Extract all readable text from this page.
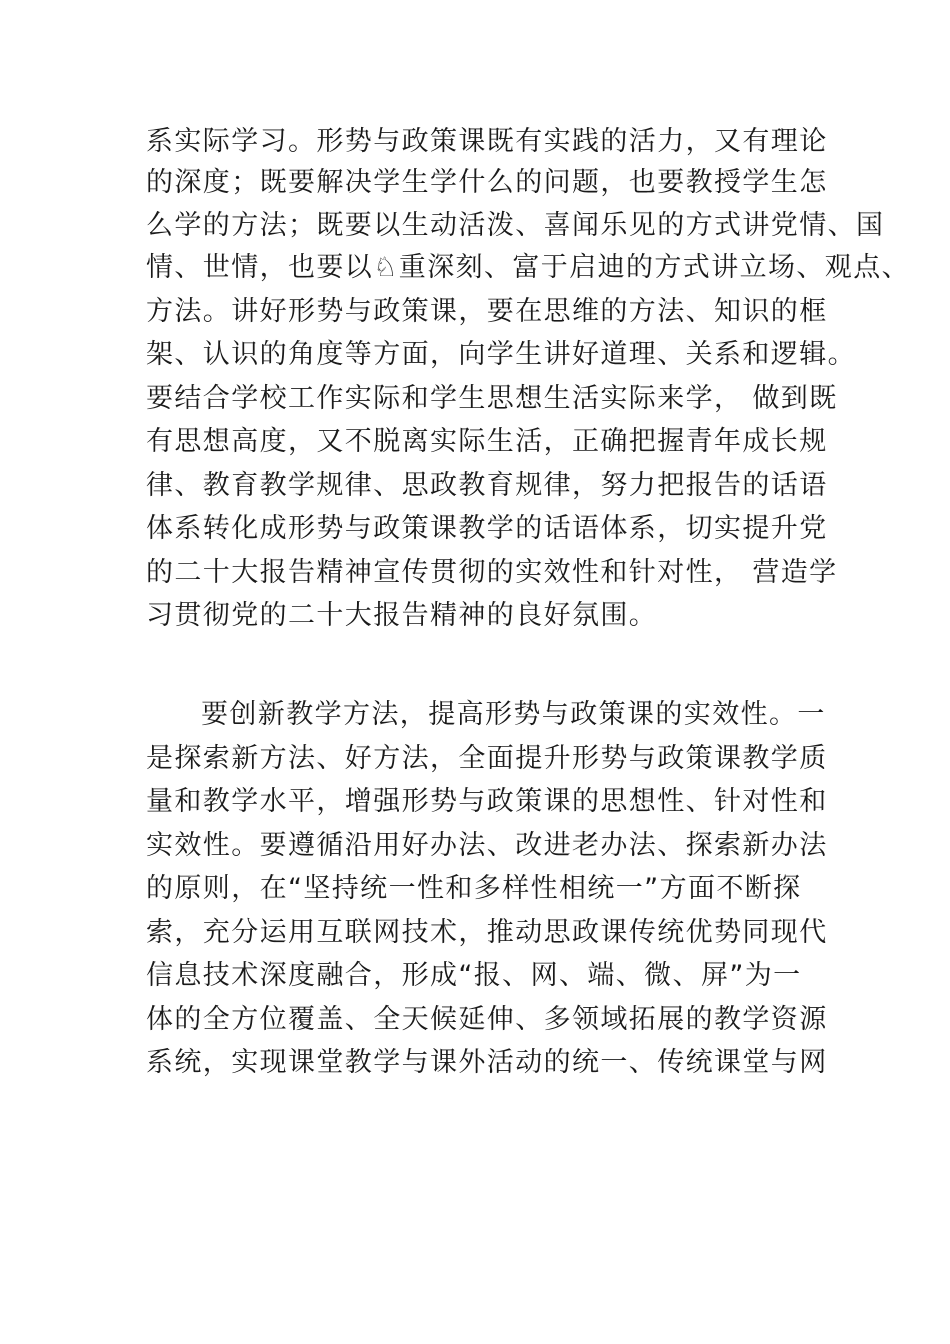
系实际学习。形势与政策课既有实践的活力，又有理论

的深度；既要解决学生学什么的问题，也要教授学生怎

么学的方法；既要以生动活泼、喜闻乐见的方式讲党情、国

情、世情，也要以♘重深刻、富于启迪的方式讲立场、观点、

方法。讲好形势与政策课，要在思维的方法、知识的框

架、认识的角度等方面，向学生讲好道理、关系和逻辑。

要结合学校工作实际和学生思想生活实际来学， 做到既

有思想高度，又不脱离实际生活，正确把握青年成长规

律、教育教学规律、思政教育规律，努力把报告的话语

体系转化成形势与政策课教学的话语体系，切实提升党

的二十大报告精神宣传贯彻的实效性和针对性， 营造学

习贯彻党的二十大报告精神的良好氛围。

要创新教学方法，提高形势与政策课的实效性。一

是探索新方法、好方法，全面提升形势与政策课教学质

量和教学水平，增强形势与政策课的思想性、针对性和

实效性。要遵循沿用好办法、改进老办法、探索新办法

的原则，在“坚持统一性和多样性相统一”方面不断探

索，充分运用互联网技术，推动思政课传统优势同现代

信息技术深度融合，形成“报、网、端、微、屏”为一

体的全方位覆盖、全天候延伸、多领域拓展的教学资源

系统，实现课堂教学与课外活动的统一、传统课堂与网
